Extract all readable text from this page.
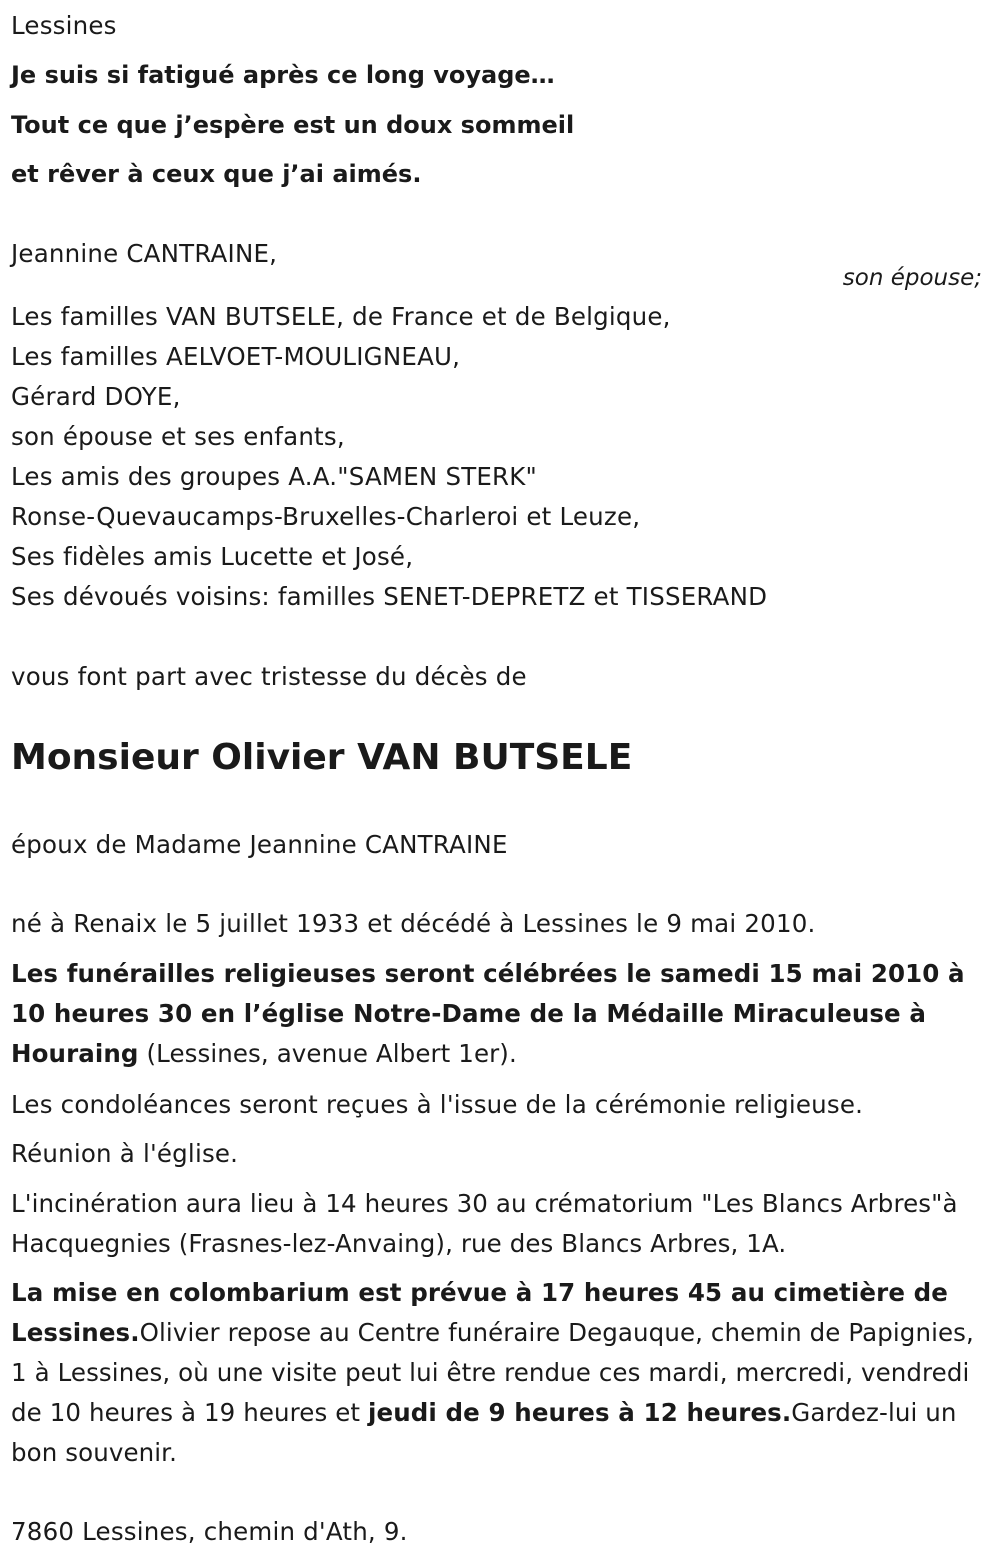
Lessines
Je suis si fatigué après ce long voyage…
Tout ce que j’espère est un doux sommeil
et rêver à ceux que j’ai aimés.
Jeannine CANTRAINE,
son épouse;
Les familles VAN BUTSELE, de France et de Belgique,
Les familles AELVOET-MOULIGNEAU,
Gérard DOYE,
son épouse et ses enfants,
Les amis des groupes A.A."SAMEN STERK"
Ronse-Quevaucamps-Bruxelles-Charleroi et Leuze,
Ses fidèles amis Lucette et José,
Ses dévoués voisins: familles SENET-DEPRETZ et TISSERAND
vous font part avec tristesse du décès de
Monsieur Olivier VAN BUTSELE
époux de Madame Jeannine CANTRAINE
né à Renaix le 5 juillet 1933 et décédé à Lessines le 9 mai 2010.
Les funérailles religieuses seront célébrées le samedi 15 mai 2010 à 10 heures 30 en l’église Notre-Dame de la Médaille Miraculeuse à Houraing (Lessines, avenue Albert 1er).
Les condoléances seront reçues à l'issue de la cérémonie religieuse.
Réunion à l'église.
L'incinération aura lieu à 14 heures 30 au crématorium "Les Blancs Arbres"à Hacquegnies (Frasnes-lez-Anvaing), rue des Blancs Arbres, 1A.
La mise en colombarium est prévue à 17 heures 45 au cimetière de Lessines.Olivier repose au Centre funéraire Degauque, chemin de Papignies, 1 à Lessines, où une visite peut lui être rendue ces mardi, mercredi, vendredi de 10 heures à 19 heures et jeudi de 9 heures à 12 heures.Gardez-lui un bon souvenir.
7860 Lessines, chemin d'Ath, 9.
